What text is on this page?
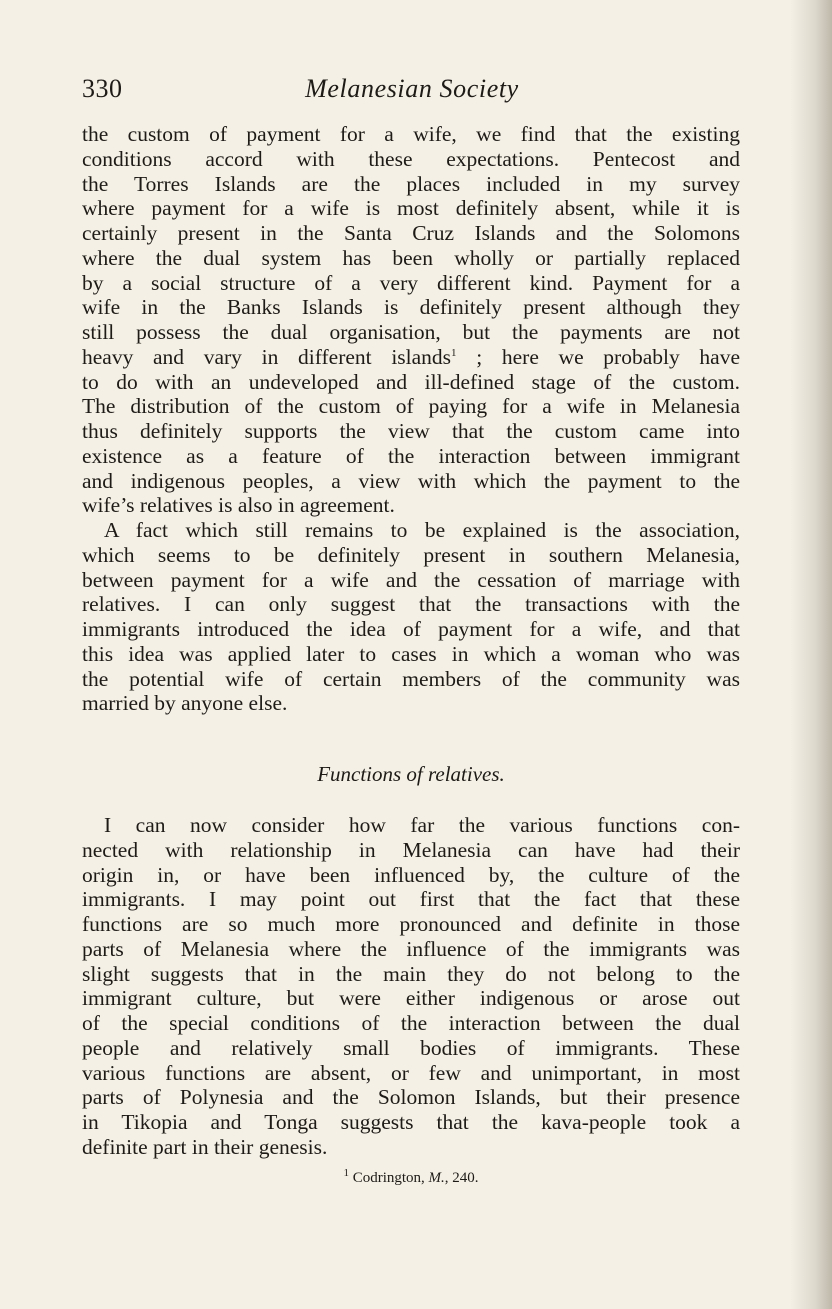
330	Melanesian Society

the custom of payment for a wife, we find that the existing
conditions accord with these expectations. Pentecost and
the Torres Islands are the places included in my survey
where payment for a wife is most definitely absent, while it is
certainly present in the Santa Cruz Islands and the Solomons
where the dual system has been wholly or partially replaced
by a social structure of a very different kind. Payment for a
wife in the Banks Islands is definitely present although they
still possess the dual organisation, but the payments are not
heavy and vary in different islands$^1$ ; here we probably have
to do with an undeveloped and ill-defined stage of the custom.
The distribution of the custom of paying for a wife in Melanesia
thus definitely supports the view that the custom came into
existence as a feature of the interaction between immigrant
and indigenous peoples, a view with which the payment to the
wife’s relatives is also in agreement.

A fact which still remains to be explained is the association,
which seems to be definitely present in southern Melanesia,
between payment for a wife and the cessation of marriage with
relatives. I can only suggest that the transactions with the
immigrants introduced the idea of payment for a wife, and that
this idea was applied later to cases in which a woman who was
the potential wife of certain members of the community was
married by anyone else.

Functions of relatives.

I can now consider how far the various functions con-
nected with relationship in Melanesia can have had their
origin in, or have been influenced by, the culture of the
immigrants. I may point out first that the fact that these
functions are so much more pronounced and definite in those
parts of Melanesia where the influence of the immigrants was
slight suggests that in the main they do not belong to the
immigrant culture, but were either indigenous or arose out
of the special conditions of the interaction between the dual
people and relatively small bodies of immigrants. These
various functions are absent, or few and unimportant, in most
parts of Polynesia and the Solomon Islands, but their presence
in Tikopia and Tonga suggests that the kava-people took a
definite part in their genesis.

$^1$ Codrington, M., 240.
